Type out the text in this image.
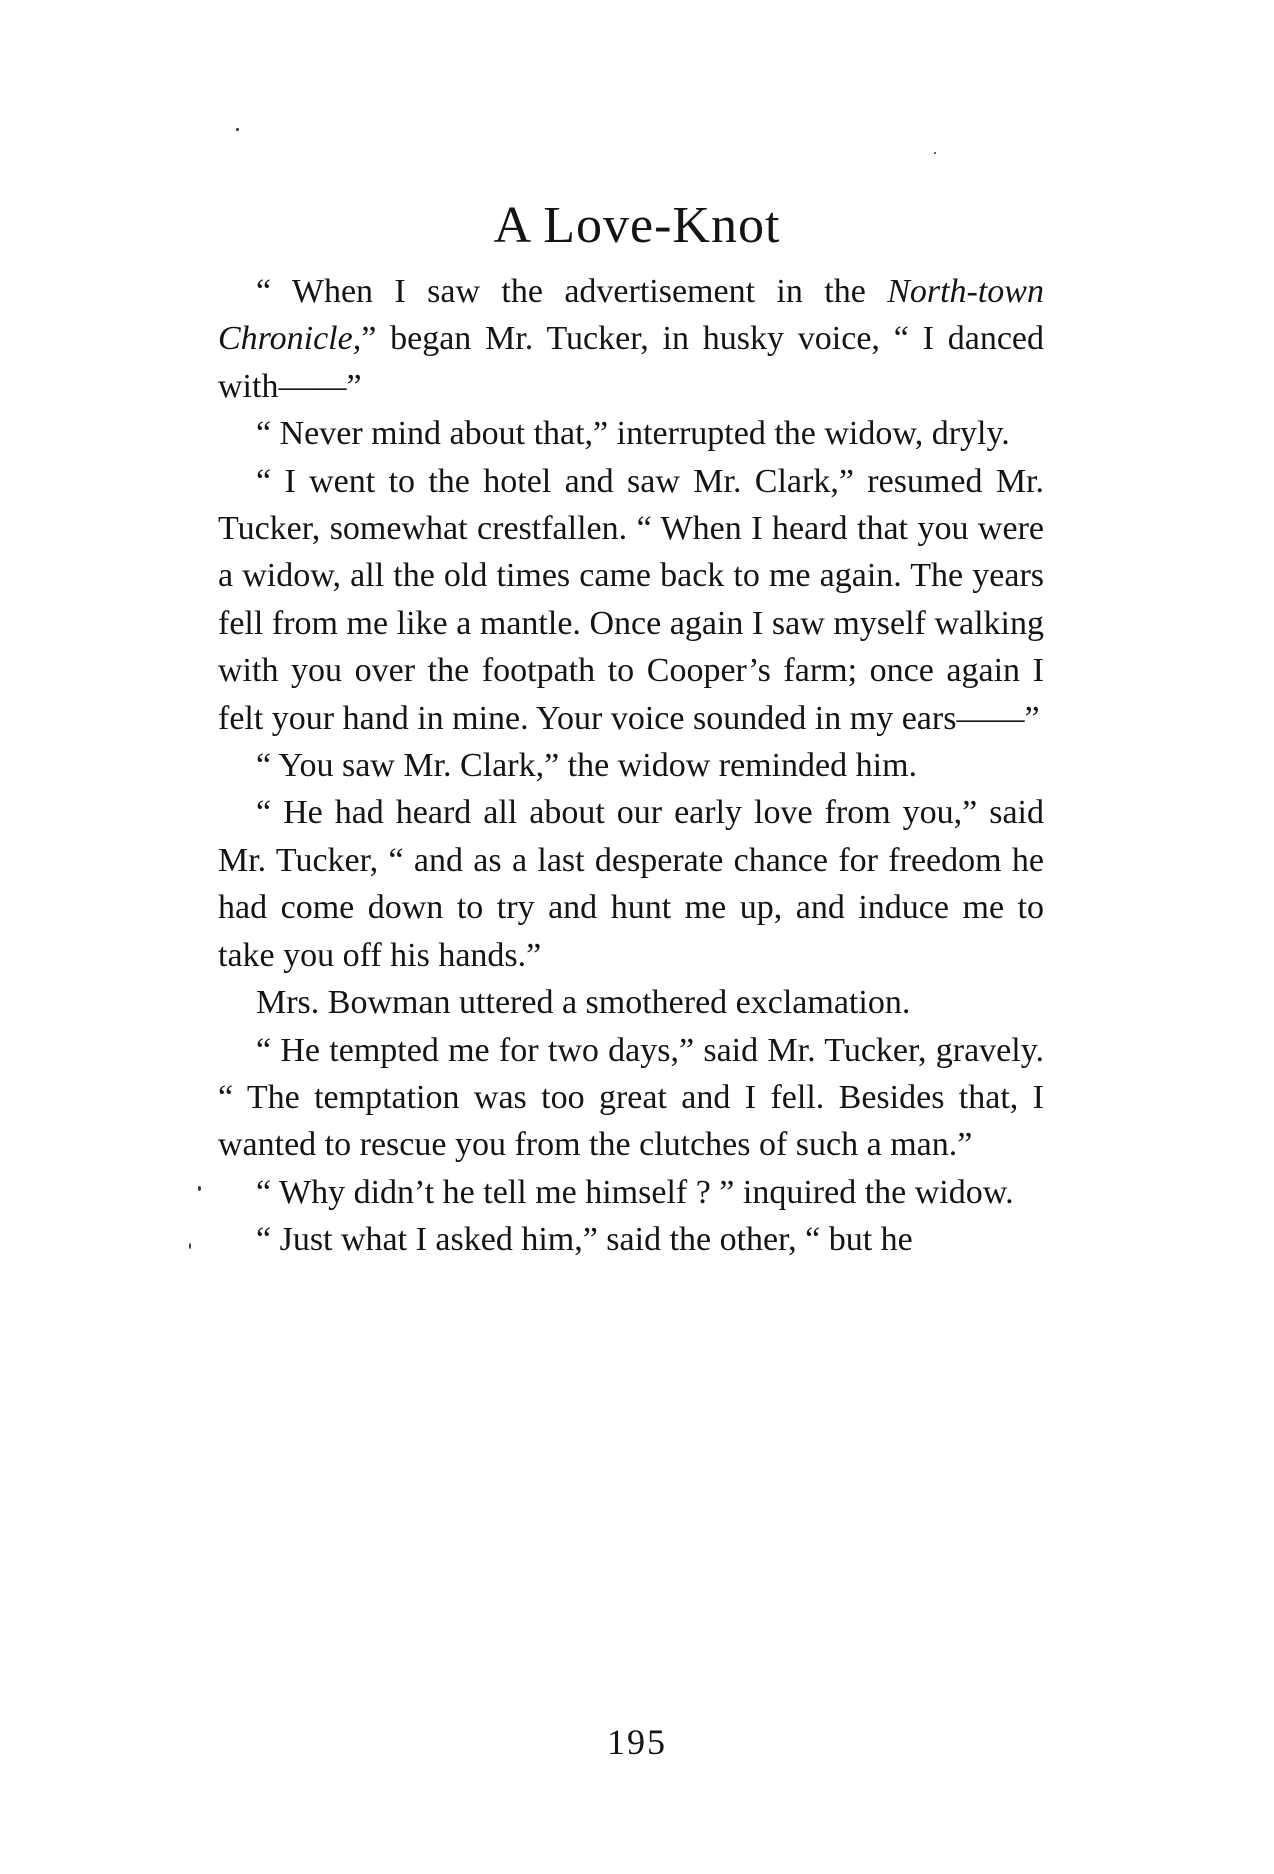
A Love-Knot

“ When I saw the advertisement in the North-town Chronicle,” began Mr. Tucker, in husky voice, “ I danced with——”

“ Never mind about that,” interrupted the widow, dryly.

“ I went to the hotel and saw Mr. Clark,” resumed Mr. Tucker, somewhat crestfallen. “ When I heard that you were a widow, all the old times came back to me again. The years fell from me like a mantle. Once again I saw myself walking with you over the footpath to Cooper’s farm; once again I felt your hand in mine. Your voice sounded in my ears——”

“ You saw Mr. Clark,” the widow reminded him.

“ He had heard all about our early love from you,” said Mr. Tucker, “ and as a last desperate chance for freedom he had come down to try and hunt me up, and induce me to take you off his hands.”

Mrs. Bowman uttered a smothered exclamation.

“ He tempted me for two days,” said Mr. Tucker, gravely. “ The temptation was too great and I fell. Besides that, I wanted to rescue you from the clutches of such a man.”

“ Why didn’t he tell me himself ? ” inquired the widow.

“ Just what I asked him,” said the other, “ but he

195
